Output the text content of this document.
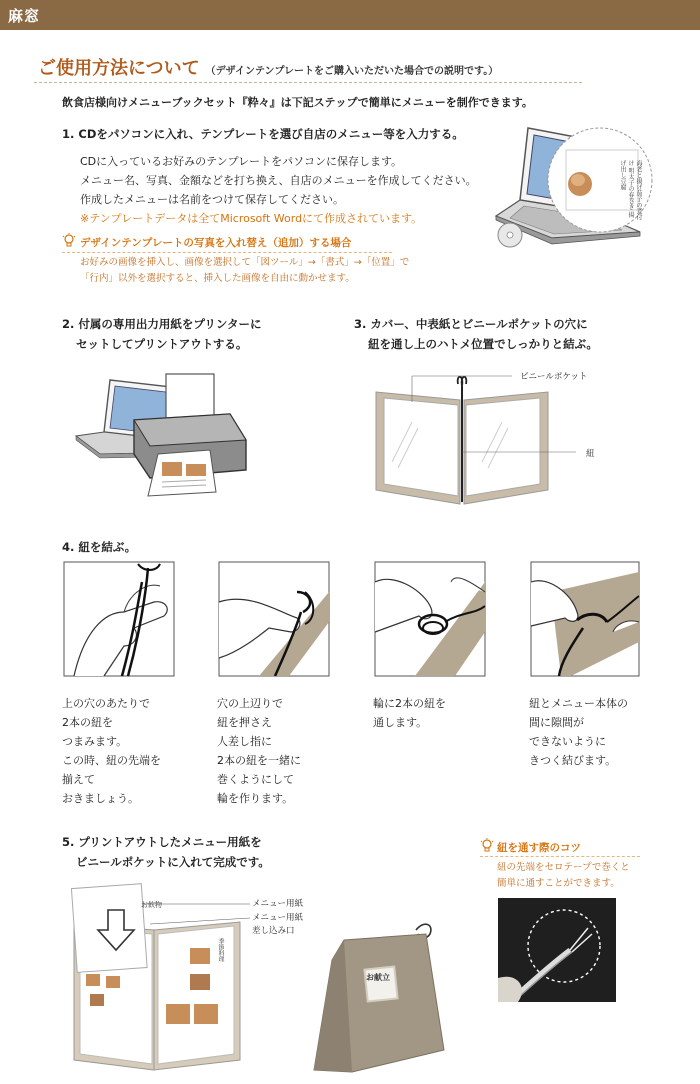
麻窓
ご使用方法について （デザインテンプレートをご購入いただいた場合での説明です。）
飲食店様向けメニューブックセット『粋々』は下記ステップで簡単にメニューを制作できます。
1. CDをパソコンに入れ、テンプレートを選び自店のメニュー等を入力する。
CDに入っているお好みのテンプレートをパソコンに保存します。
メニュー名、写真、金額などを打ち換え、自店のメニューを作成してください。
作成したメニューは名前をつけて保存してください。
※テンプレートデータは全てMicrosoft Wordにて作成されています。
デザインテンプレートの写真を入れ替え（追加）する場合
お好みの画像を挿入し、画像を選択して「図ツール」→「書式」→「位置」で
「行内」以外を選択すると、挿入した画像を自由に動かせます。
海老と揚げ茄子の煮付け 明太子の春巻き 揚げ出し豆腐
2. 付属の専用出力用紙をプリンターに
セットしてプリントアウトする。
3. カバー、中表紙とビニールポケットの穴に
紐を通し上のハトメ位置でしっかりと結ぶ。
ビニールポケット
紐
4. 紐を結ぶ。
上の穴のあたりで
2本の紐を
つまみます。
この時、紐の先端を
揃えて
おきましょう。
穴の上辺りで
紐を押さえ
人差し指に
2本の紐を一緒に
巻くようにして
輪を作ります。
輪に2本の紐を
通します。
紐とメニュー本体の
間に隙間が
できないように
きつく結びます。
5. プリントアウトしたメニュー用紙を
ビニールポケットに入れて完成です。
お飲物
季節料理
メニュー用紙
メニュー用紙
差し込み口
お献立
紐を通す際のコツ
紐の先端をセロテープで巻くと
簡単に通すことができます。
